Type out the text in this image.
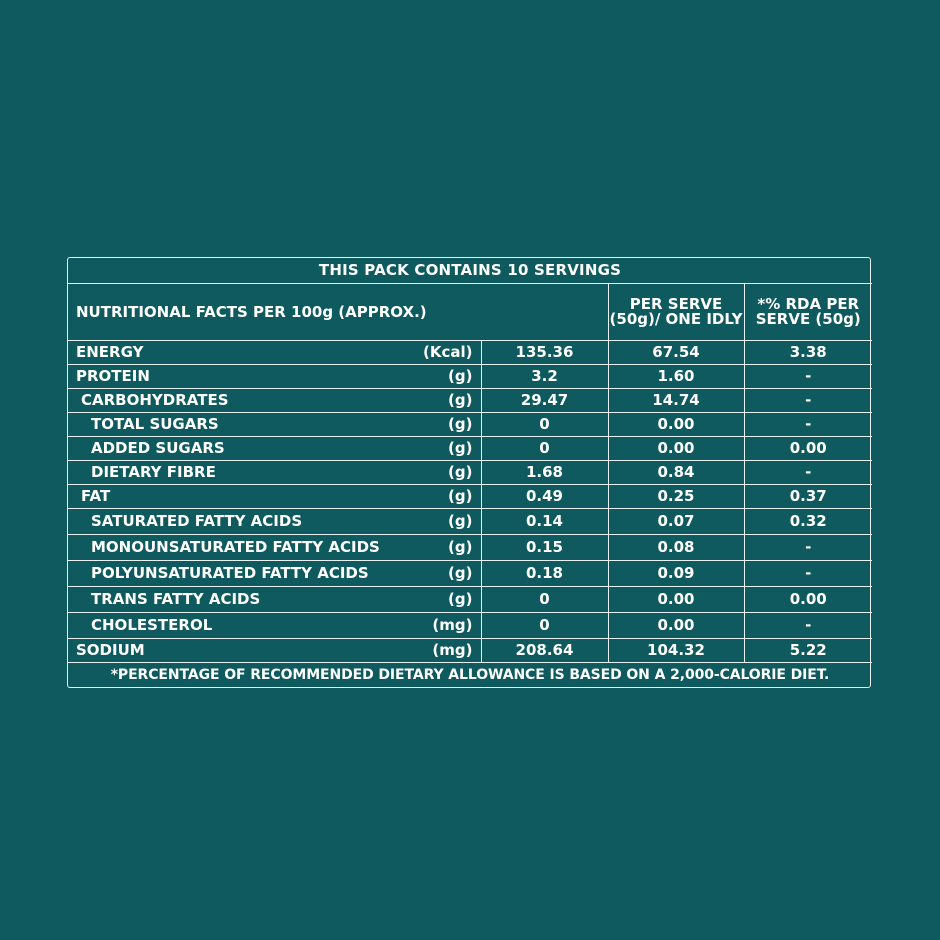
THIS PACK CONTAINS 10 SERVINGS			
NUTRITIONAL FACTS PER 100g (APPROX.)		PER SERVE (50g)/ ONE IDLY	*% RDA PER SERVE (50g)

ENERGY (Kcal)	135.36	67.54	3.38

PROTEIN (g)	3.2	1.60	-

CARBOHYDRATES (g)	29.47	14.74	-

TOTAL SUGARS (g)	0	0.00	-

ADDED SUGARS (g)	0	0.00	0.00

DIETARY FIBRE (g)	1.68	0.84	-

FAT (g)	0.49	0.25	0.37

SATURATED FATTY ACIDS (g)	0.14	0.07	0.32

MONOUNSATURATED FATTY ACIDS (g)	0.15	0.08	-

POLYUNSATURATED FATTY ACIDS (g)	0.18	0.09	-

TRANS FATTY ACIDS (g)	0	0.00	0.00

CHOLESTEROL (mg)	0	0.00	-

SODIUM (mg)	208.64	104.32	5.22
*PERCENTAGE OF RECOMMENDED DIETARY ALLOWANCE IS BASED ON A 2,000-CALORIE DIET.			
